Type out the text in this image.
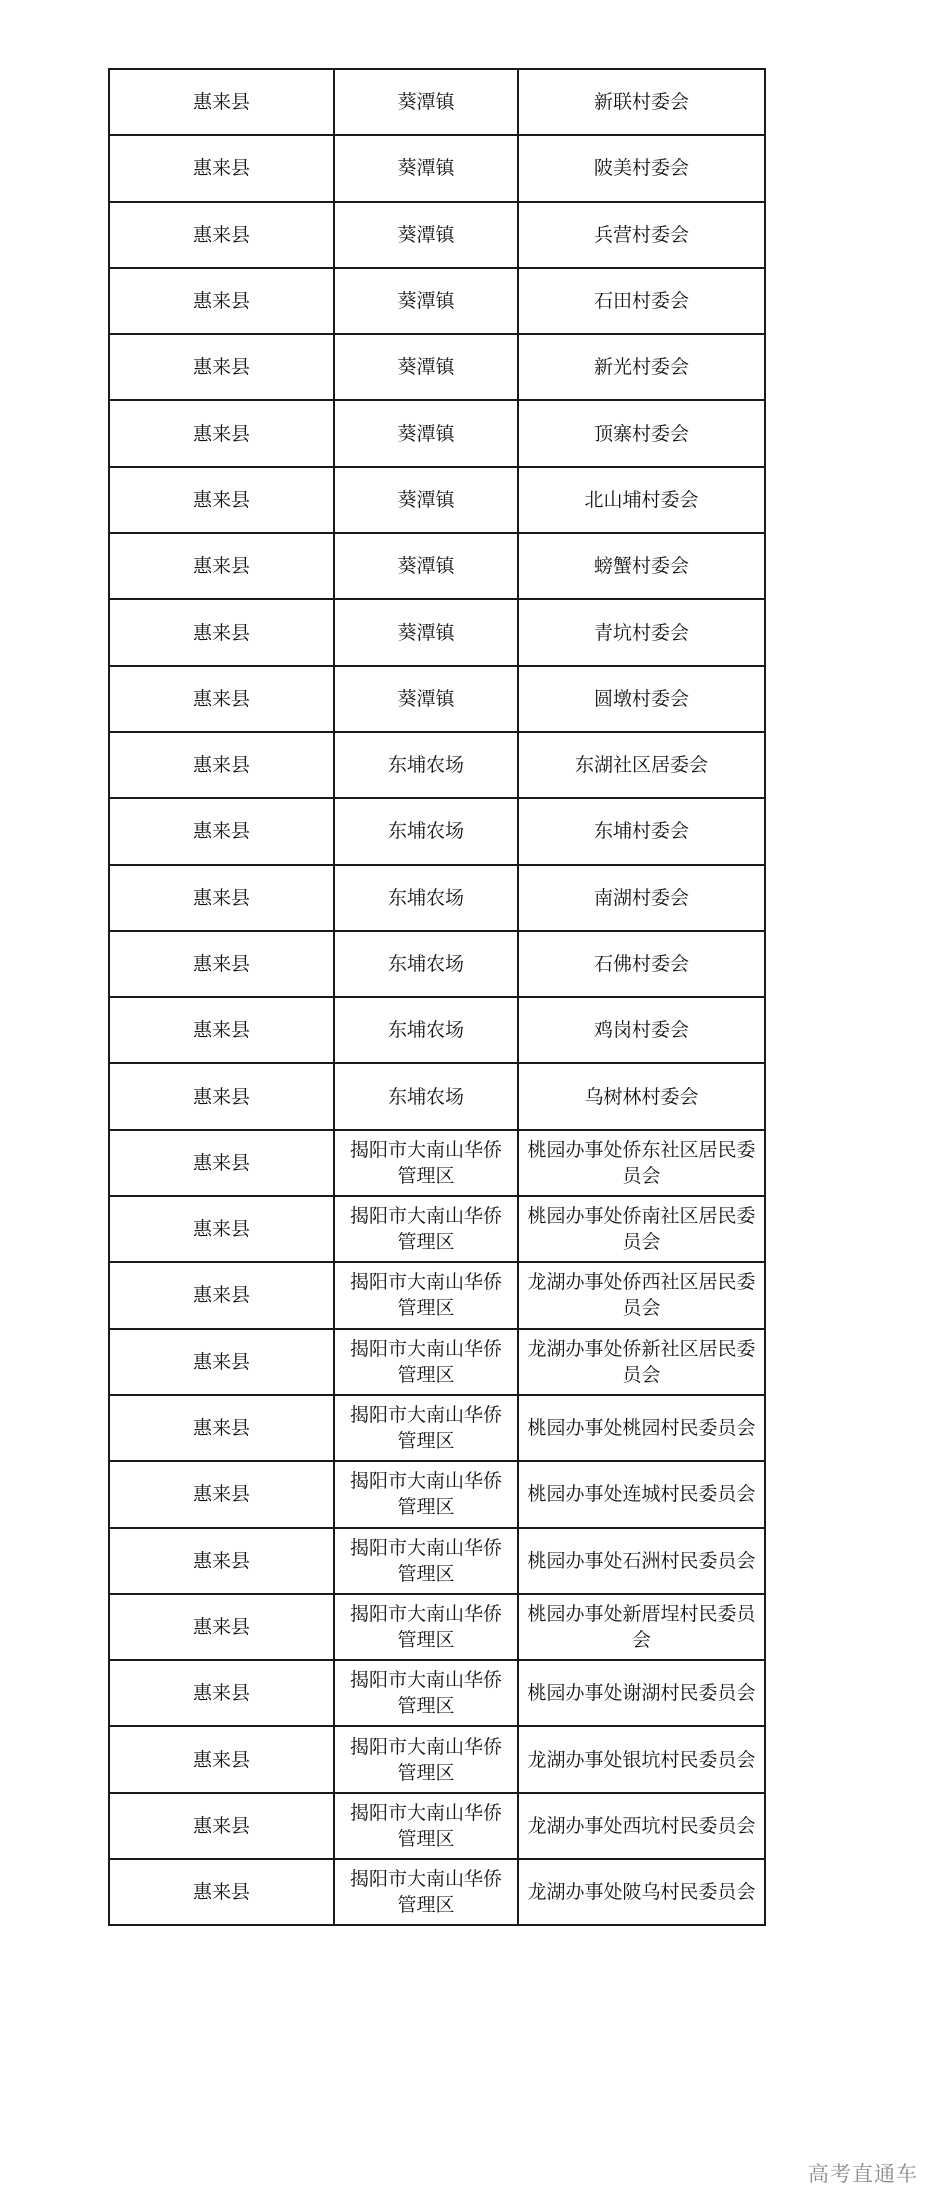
惠来县	葵潭镇	新联村委会
惠来县	葵潭镇	陂美村委会
惠来县	葵潭镇	兵营村委会
惠来县	葵潭镇	石田村委会
惠来县	葵潭镇	新光村委会
惠来县	葵潭镇	顶寨村委会
惠来县	葵潭镇	北山埔村委会
惠来县	葵潭镇	螃蟹村委会
惠来县	葵潭镇	青坑村委会
惠来县	葵潭镇	圆墩村委会
惠来县	东埔农场	东湖社区居委会
惠来县	东埔农场	东埔村委会
惠来县	东埔农场	南湖村委会
惠来县	东埔农场	石佛村委会
惠来县	东埔农场	鸡岗村委会
惠来县	东埔农场	乌树林村委会
惠来县	揭阳市大南山华侨管理区	桃园办事处侨东社区居民委员会
惠来县	揭阳市大南山华侨管理区	桃园办事处侨南社区居民委员会
惠来县	揭阳市大南山华侨管理区	龙湖办事处侨西社区居民委员会
惠来县	揭阳市大南山华侨管理区	龙湖办事处侨新社区居民委员会
惠来县	揭阳市大南山华侨管理区	桃园办事处桃园村民委员会
惠来县	揭阳市大南山华侨管理区	桃园办事处连城村民委员会
惠来县	揭阳市大南山华侨管理区	桃园办事处石洲村民委员会
惠来县	揭阳市大南山华侨管理区	桃园办事处新厝埕村民委员会
惠来县	揭阳市大南山华侨管理区	桃园办事处谢湖村民委员会
惠来县	揭阳市大南山华侨管理区	龙湖办事处银坑村民委员会
惠来县	揭阳市大南山华侨管理区	龙湖办事处西坑村民委员会
惠来县	揭阳市大南山华侨管理区	龙湖办事处陂乌村民委员会
高考直通车
